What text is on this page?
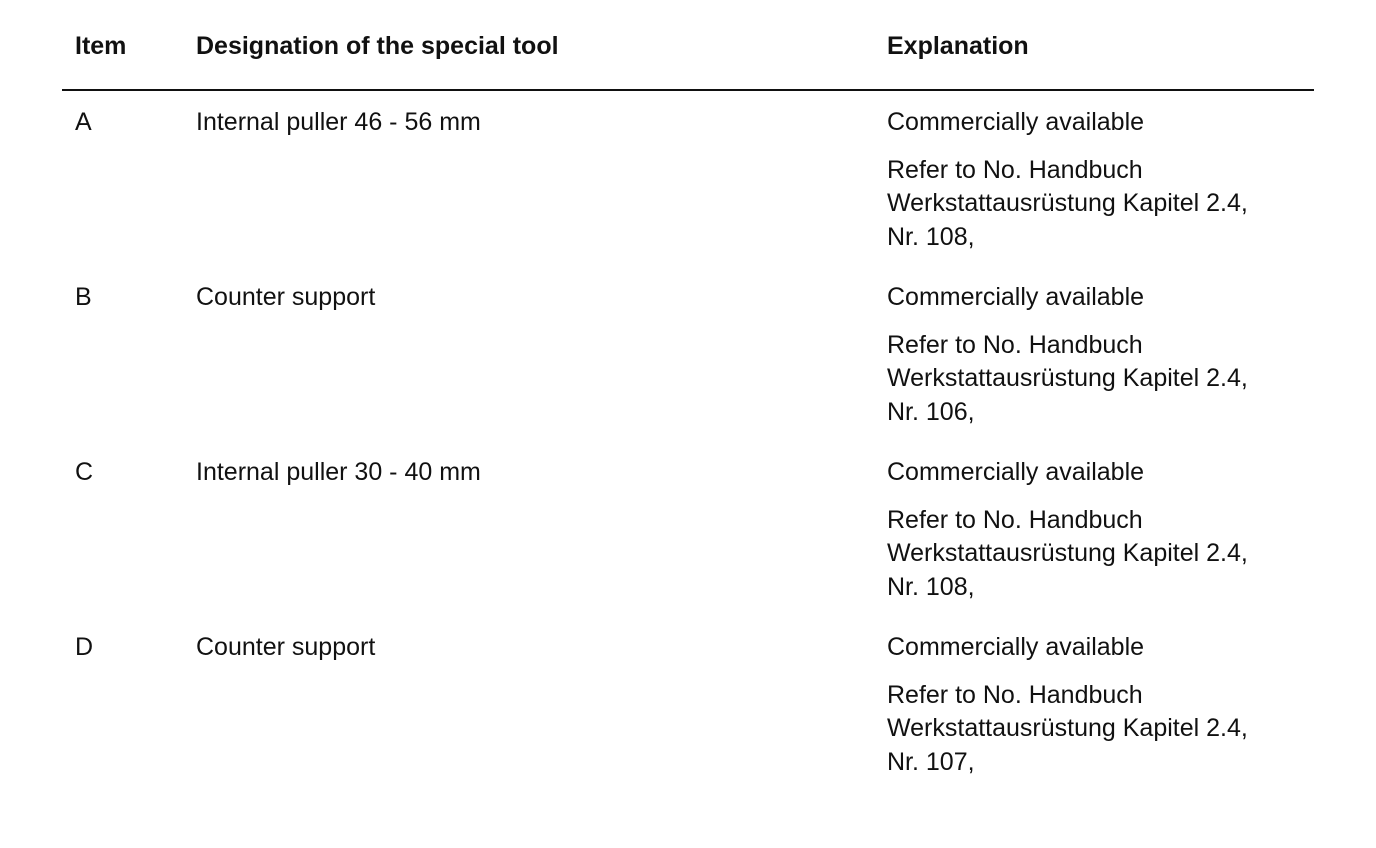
Item	Designation of the special tool	Explanation
A	Internal puller 46 - 56 mm	Commercially available
Refer to No. Handbuch
Werkstattausrüstung Kapitel 2.4,
Nr. 108,
B	Counter support	Commercially available
Refer to No. Handbuch
Werkstattausrüstung Kapitel 2.4,
Nr. 106,
C	Internal puller 30 - 40 mm	Commercially available
Refer to No. Handbuch
Werkstattausrüstung Kapitel 2.4,
Nr. 108,
D	Counter support	Commercially available
Refer to No. Handbuch
Werkstattausrüstung Kapitel 2.4,
Nr. 107,
